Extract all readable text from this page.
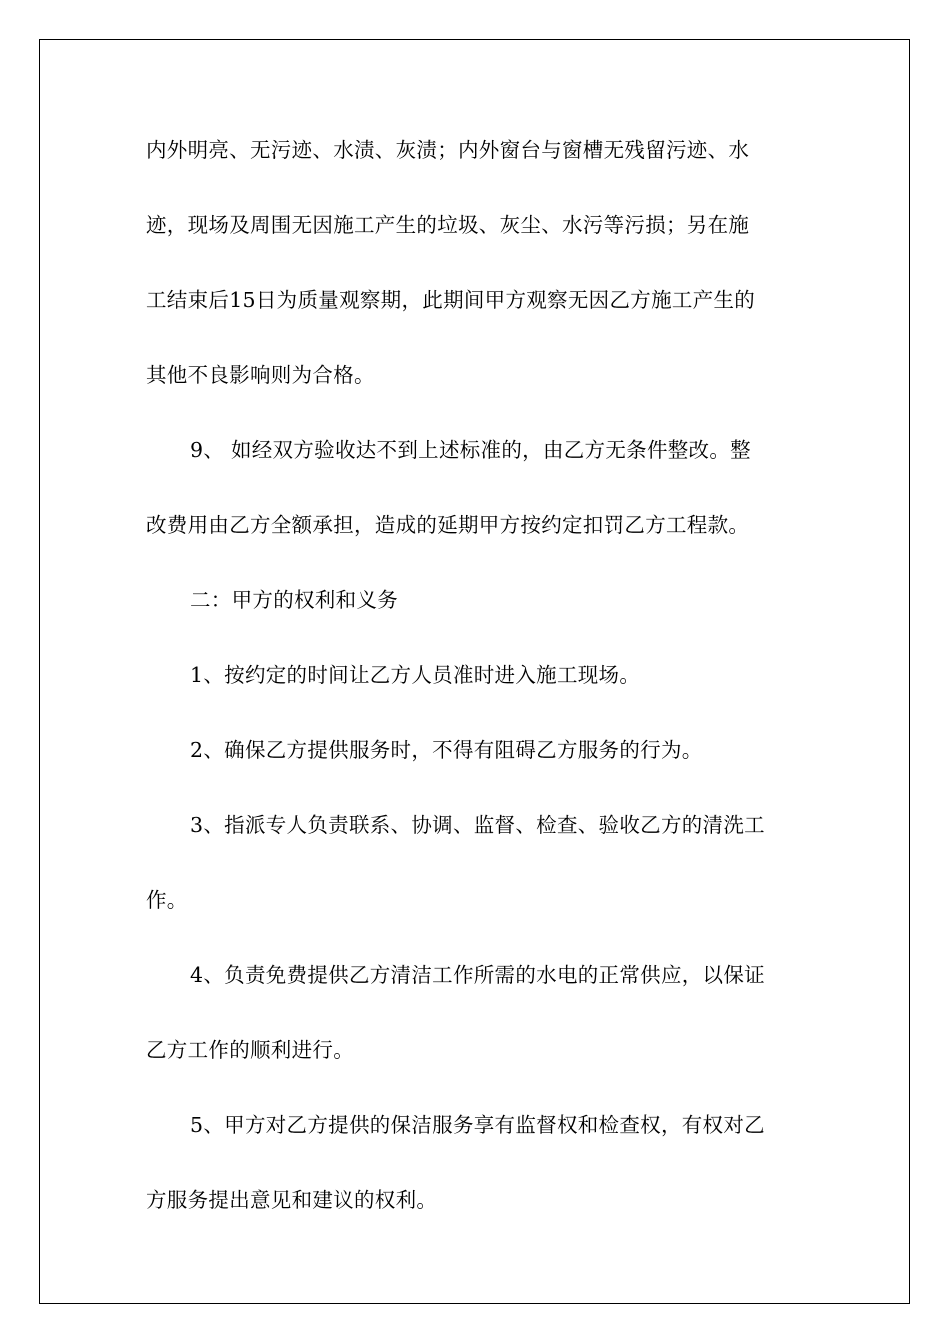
内外明亮、无污迹、水渍、灰渍；内外窗台与窗槽无残留污迹、水
迹，现场及周围无因施工产生的垃圾、灰尘、水污等污损；另在施
工结束后15日为质量观察期，此期间甲方观察无因乙方施工产生的
其他不良影响则为合格。
9、 如经双方验收达不到上述标准的，由乙方无条件整改。整
改费用由乙方全额承担，造成的延期甲方按约定扣罚乙方工程款。
二：甲方的权利和义务
1、按约定的时间让乙方人员准时进入施工现场。
2、确保乙方提供服务时，不得有阻碍乙方服务的行为。
3、指派专人负责联系、协调、监督、检查、验收乙方的清洗工
作。
4、负责免费提供乙方清洁工作所需的水电的正常供应，以保证
乙方工作的顺利进行。
5、甲方对乙方提供的保洁服务享有监督权和检查权，有权对乙
方服务提出意见和建议的权利。
